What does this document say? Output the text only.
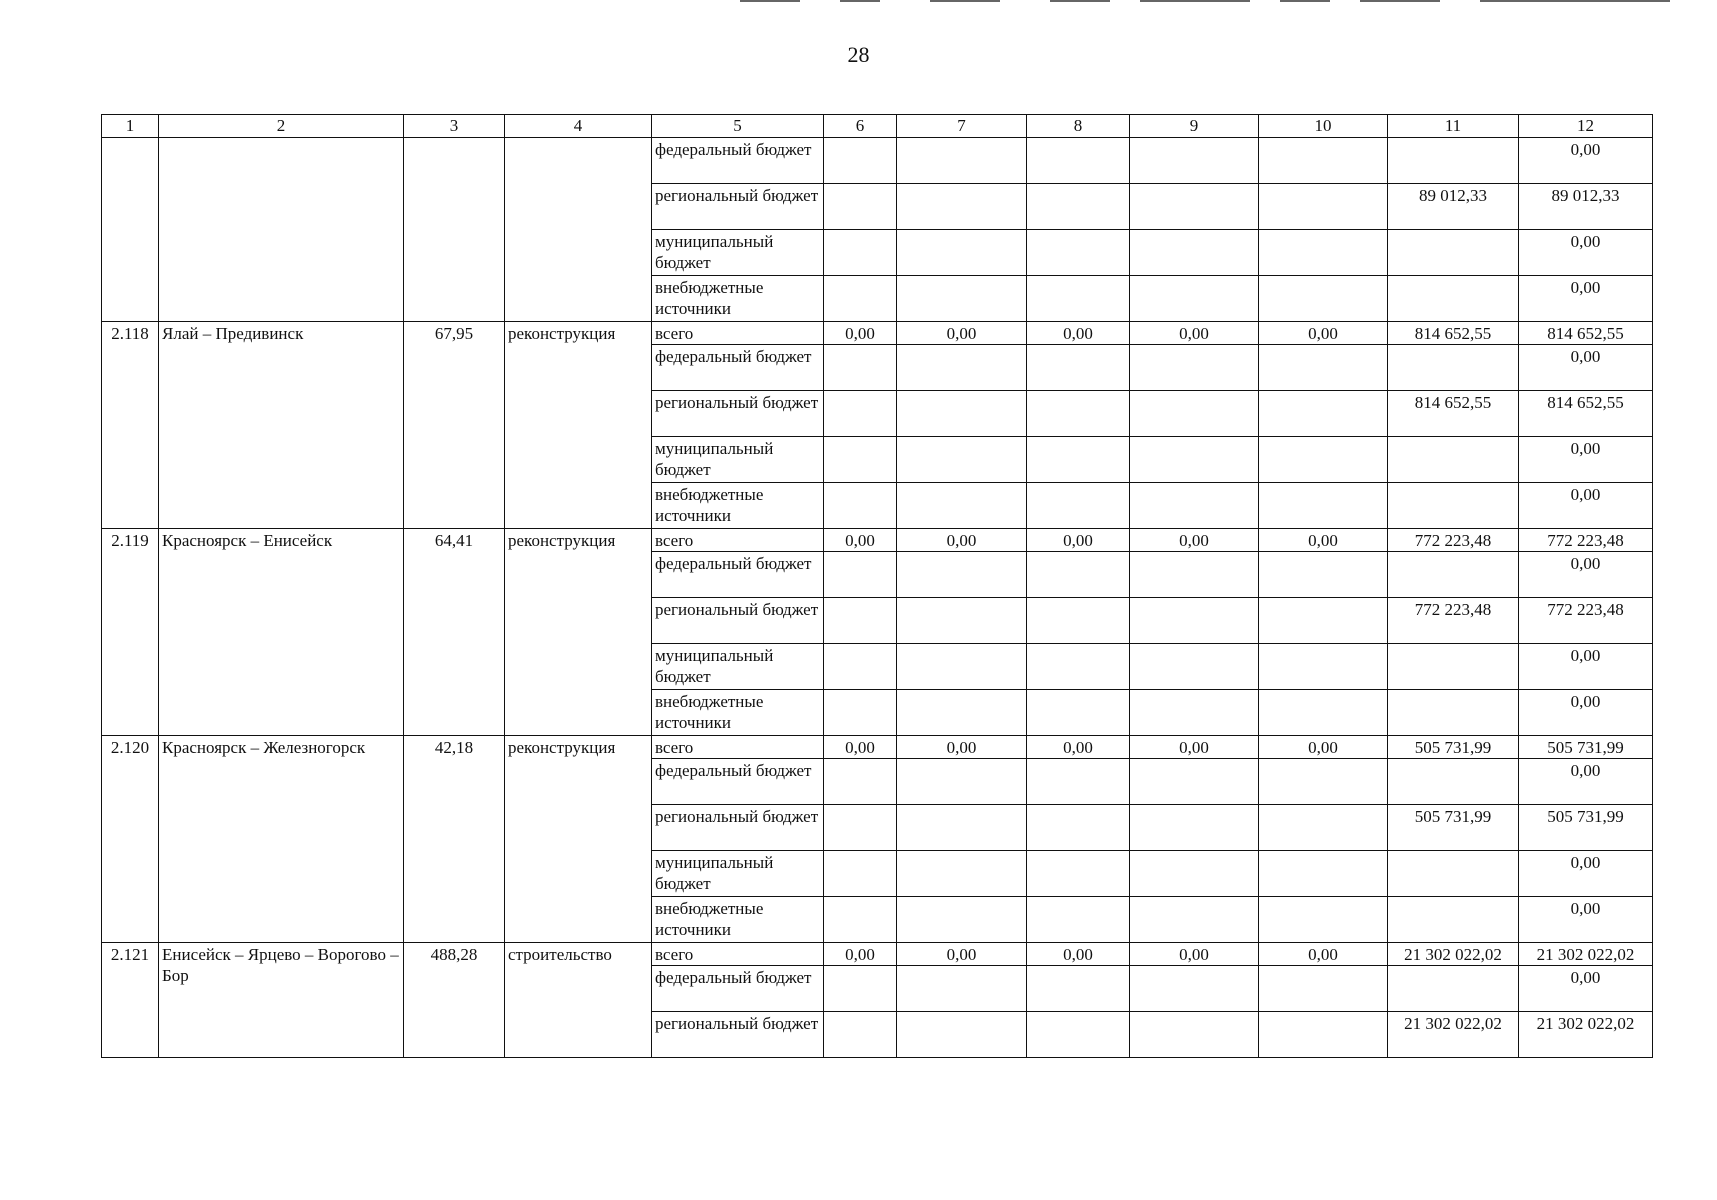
28
1	2	3	4	5	6	7	8	9	10	11	12
				федеральный бюджет							0,00
				региональный бюджет						89 012,33	89 012,33
				муниципальный бюджет							0,00
				внебюджетные источники							0,00
2.118	Ялай – Предивинск	67,95	реконструкция	всего	0,00	0,00	0,00	0,00	0,00	814 652,55	814 652,55
				федеральный бюджет							0,00
				региональный бюджет						814 652,55	814 652,55
				муниципальный бюджет							0,00
				внебюджетные источники							0,00
2.119	Красноярск – Енисейск	64,41	реконструкция	всего	0,00	0,00	0,00	0,00	0,00	772 223,48	772 223,48
				федеральный бюджет							0,00
				региональный бюджет						772 223,48	772 223,48
				муниципальный бюджет							0,00
				внебюджетные источники							0,00
2.120	Красноярск – Железногорск	42,18	реконструкция	всего	0,00	0,00	0,00	0,00	0,00	505 731,99	505 731,99
				федеральный бюджет							0,00
				региональный бюджет						505 731,99	505 731,99
				муниципальный бюджет							0,00
				внебюджетные источники							0,00
2.121	Енисейск – Ярцево – Ворогово – Бор	488,28	строительство	всего	0,00	0,00	0,00	0,00	0,00	21 302 022,02	21 302 022,02
				федеральный бюджет							0,00
				региональный бюджет						21 302 022,02	21 302 022,02
